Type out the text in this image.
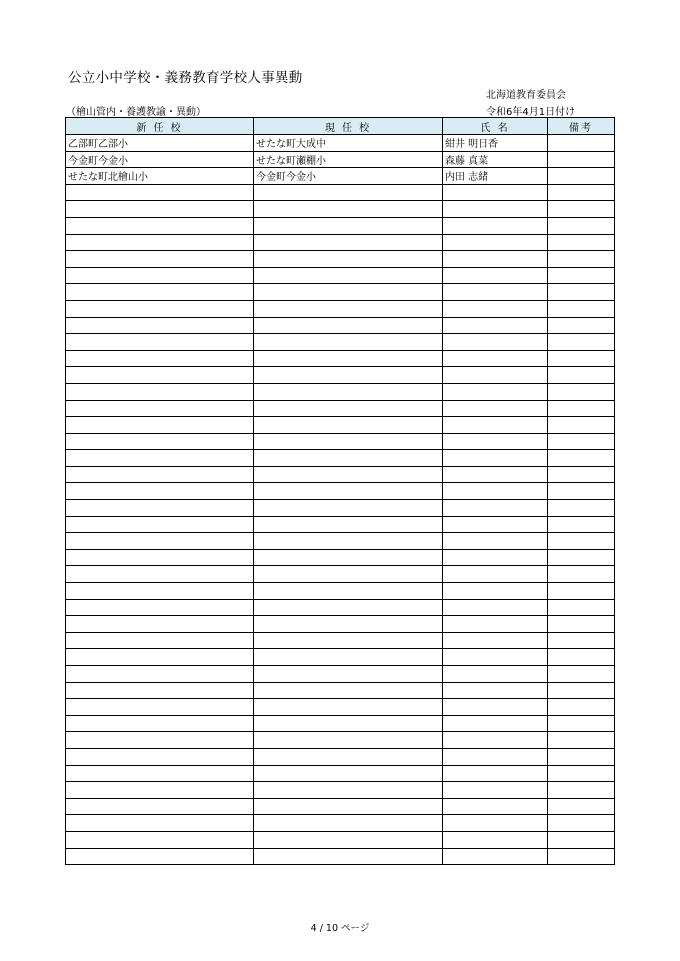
公立小中学校・義務教育学校人事異動
北海道教育委員会
（檜山管内・養護教諭・異動）	令和6年4月1日付け
新 任 校	現 任 校	氏 名	備考
乙部町乙部小	せたな町大成中	紺井 明日香	
今金町今金小	せたな町瀬棚小	森藤 真菜	
せたな町北檜山小	今金町今金小	内田 志緒	

4 / 10 ページ
